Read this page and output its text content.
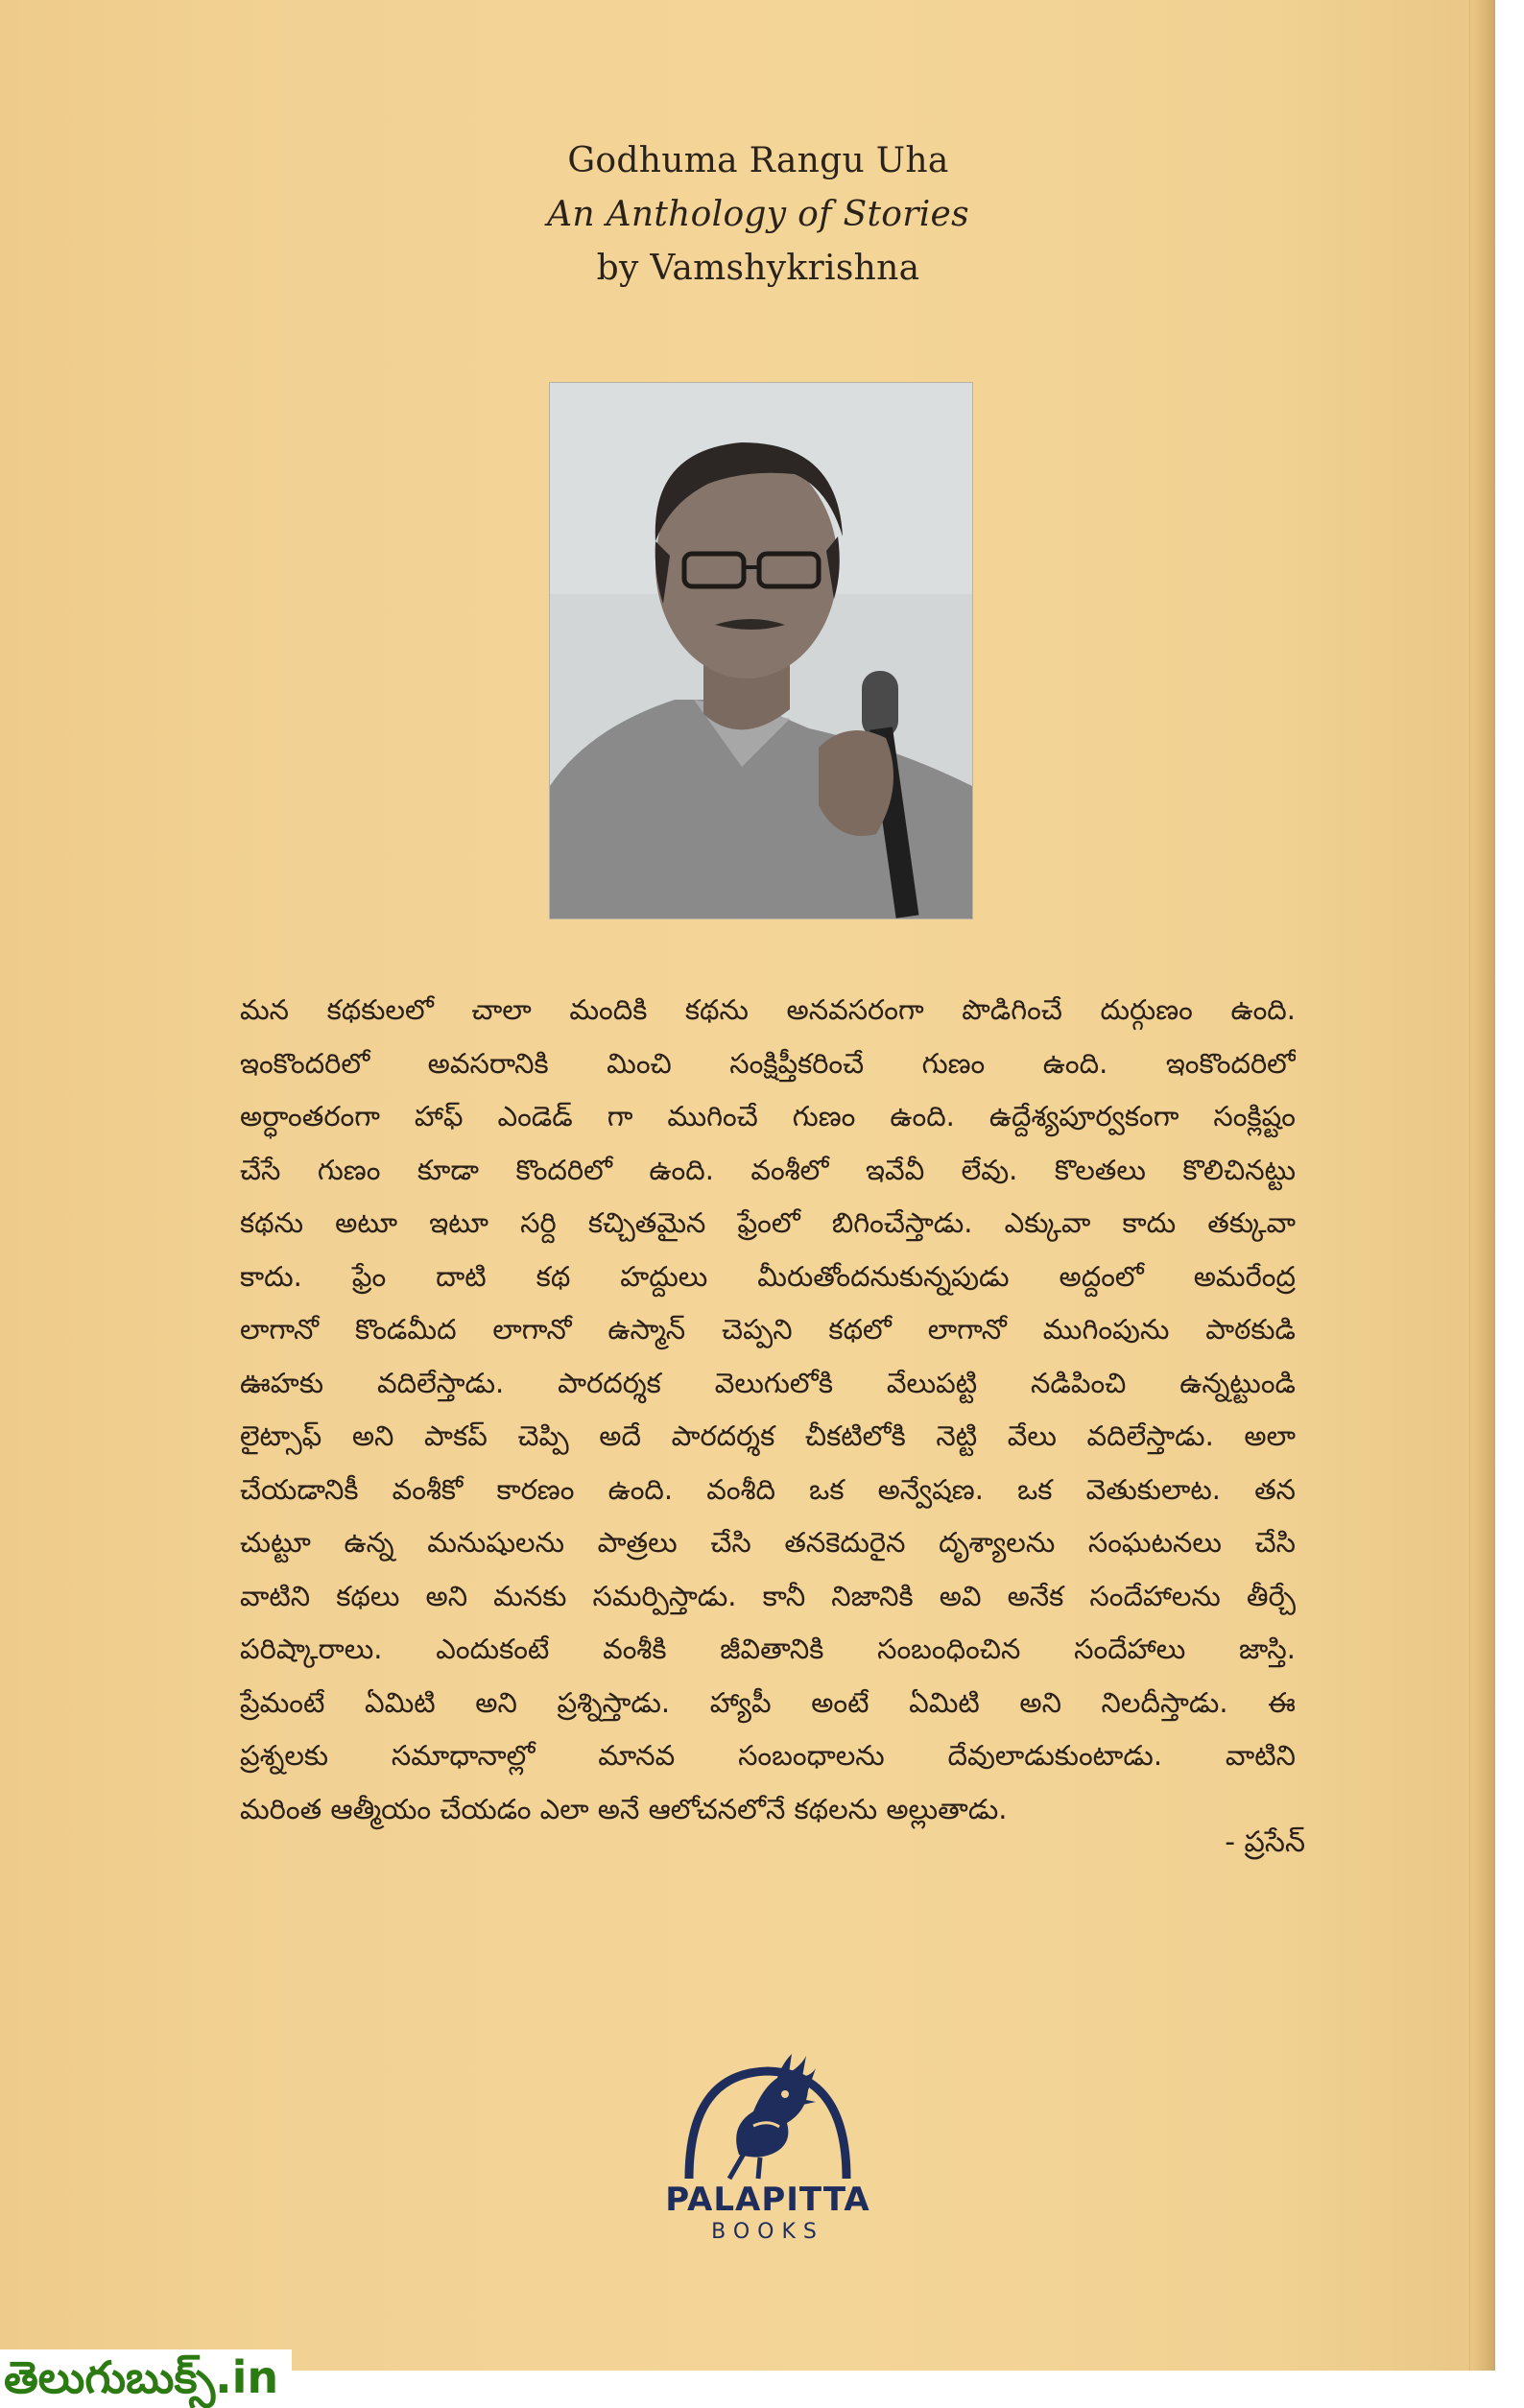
Godhuma Rangu Uha
An Anthology of Stories
by Vamshykrishna
మన కథకులలో చాలా మందికి కథను అనవసరంగా పొడిగించే దుర్గుణం ఉంది.
ఇంకొందరిలో అవసరానికి మించి సంక్షిప్తీకరించే గుణం ఉంది. ఇంకొందరిలో
అర్ధాంతరంగా హాఫ్ ఎండెడ్ గా ముగించే గుణం ఉంది. ఉద్దేశ్యపూర్వకంగా సంక్లిష్టం
చేసే గుణం కూడా కొందరిలో ఉంది. వంశీలో ఇవేవీ లేవు. కొలతలు కొలిచినట్టు
కథను అటూ ఇటూ సర్ది కచ్చితమైన ఫ్రేంలో బిగించేస్తాడు. ఎక్కువా కాదు తక్కువా
కాదు. ఫ్రేం దాటి కథ హద్దులు మీరుతోందనుకున్నపుడు అద్దంలో అమరేంద్ర
లాగానో కొండమీద లాగానో ఉస్మాన్ చెప్పని కథలో లాగానో ముగింపును పాఠకుడి
ఊహకు వదిలేస్తాడు. పారదర్శక వెలుగులోకి వేలుపట్టి నడిపించి ఉన్నట్టుండి
లైట్సాఫ్ అని పాకప్ చెప్పి అదే పారదర్శక చీకటిలోకి నెట్టి వేలు వదిలేస్తాడు. అలా
చేయడానికీ వంశీకో కారణం ఉంది. వంశీది ఒక అన్వేషణ. ఒక వెతుకులాట. తన
చుట్టూ ఉన్న మనుషులను పాత్రలు చేసి తనకెదురైన దృశ్యాలను సంఘటనలు చేసి
వాటిని కథలు అని మనకు సమర్పిస్తాడు. కానీ నిజానికి అవి అనేక సందేహాలను తీర్చే
పరిష్కారాలు. ఎందుకంటే వంశీకి జీవితానికి సంబంధించిన సందేహాలు జాస్తి.
ప్రేమంటే ఏమిటి అని ప్రశ్నిస్తాడు. హ్యాపీ అంటే ఏమిటి అని నిలదీస్తాడు. ఈ
ప్రశ్నలకు సమాధానాల్లో మానవ సంబంధాలను దేవులాడుకుంటాడు. వాటిని
మరింత ఆత్మీయం చేయడం ఎలా అనే ఆలోచనలోనే కథలను అల్లుతాడు.
- ప్రసేన్
PALAPITTA
BOOKS
తెలుగుబుక్స్.in
